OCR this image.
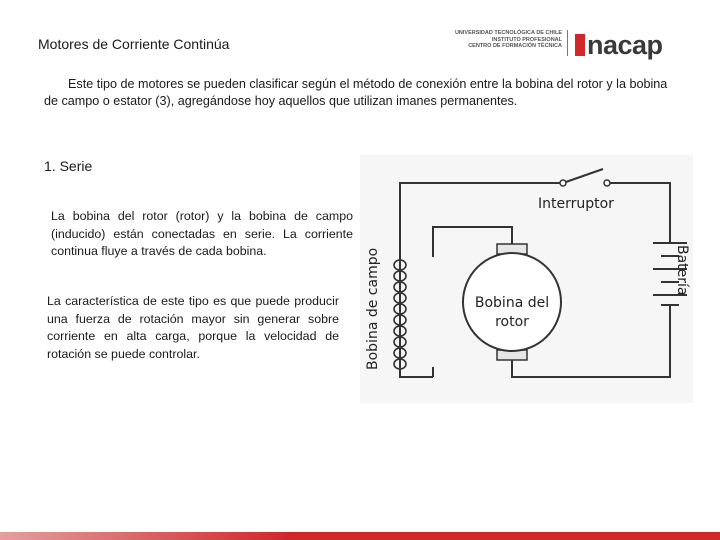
Motores de Corriente Continúa
UNIVERSIDAD TECNOLÓGICA DE CHILE
INSTITUTO PROFESIONAL
CENTRO DE FORMACIÓN TÉCNICA nacap
Este tipo de motores se pueden clasificar según el método de conexión entre la bobina del rotor y la bobina de campo o estator (3), agregándose hoy aquellos que utilizan imanes permanentes.
1. Serie
La bobina del rotor (rotor) y la bobina de campo (inducido) están conectadas en serie. La corriente continua fluye a través de cada bobina.
La característica de este tipo es que puede producir una fuerza de rotación mayor sin generar sobre corriente en alta carga, porque la velocidad de rotación se puede controlar.
Interruptor
Bobina del
rotor
Bobina de campo	Batería
